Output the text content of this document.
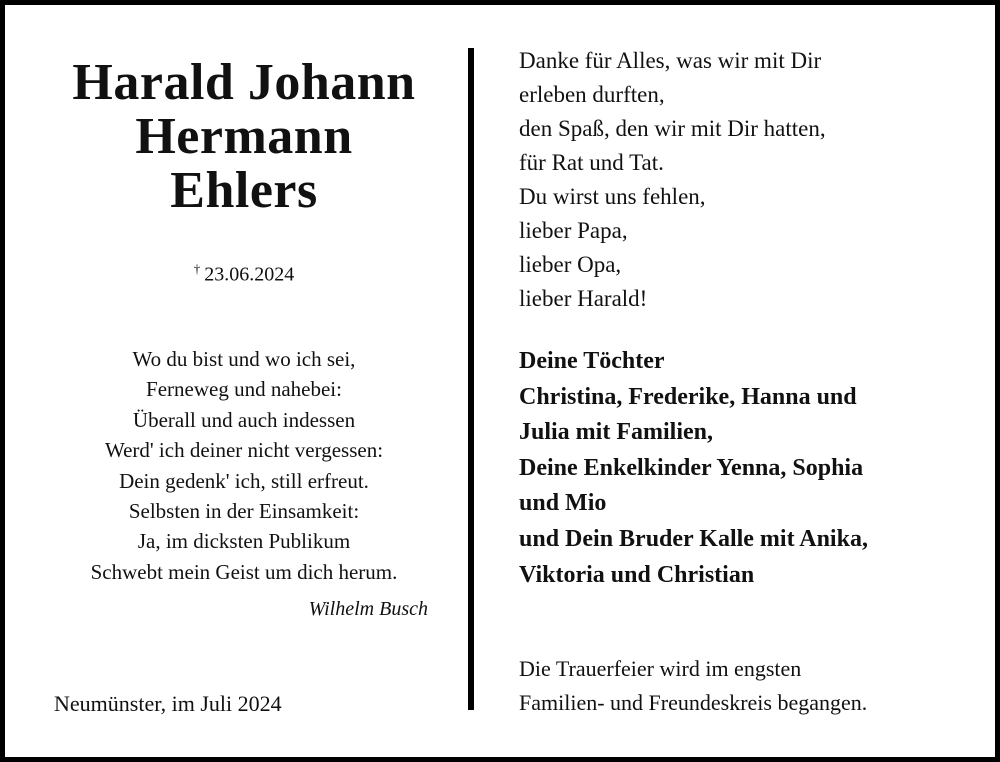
Harald Johann
Hermann
Ehlers
† 23.06.2024
Wo du bist und wo ich sei,
Ferneweg und nahebei:
Überall und auch indessen
Werd' ich deiner nicht vergessen:
Dein gedenk' ich, still erfreut.
Selbsten in der Einsamkeit:
Ja, im dicksten Publikum
Schwebt mein Geist um dich herum.
Wilhelm Busch
Neumünster, im Juli 2024
Danke für Alles, was wir mit Dir
erleben durften,
den Spaß, den wir mit Dir hatten,
für Rat und Tat.
Du wirst uns fehlen,
lieber Papa,
lieber Opa,
lieber Harald!
Deine Töchter
Christina, Frederike, Hanna und
Julia mit Familien,
Deine Enkelkinder Yenna, Sophia
und Mio
und Dein Bruder Kalle mit Anika,
Viktoria und Christian
Die Trauerfeier wird im engsten
Familien- und Freundeskreis begangen.
